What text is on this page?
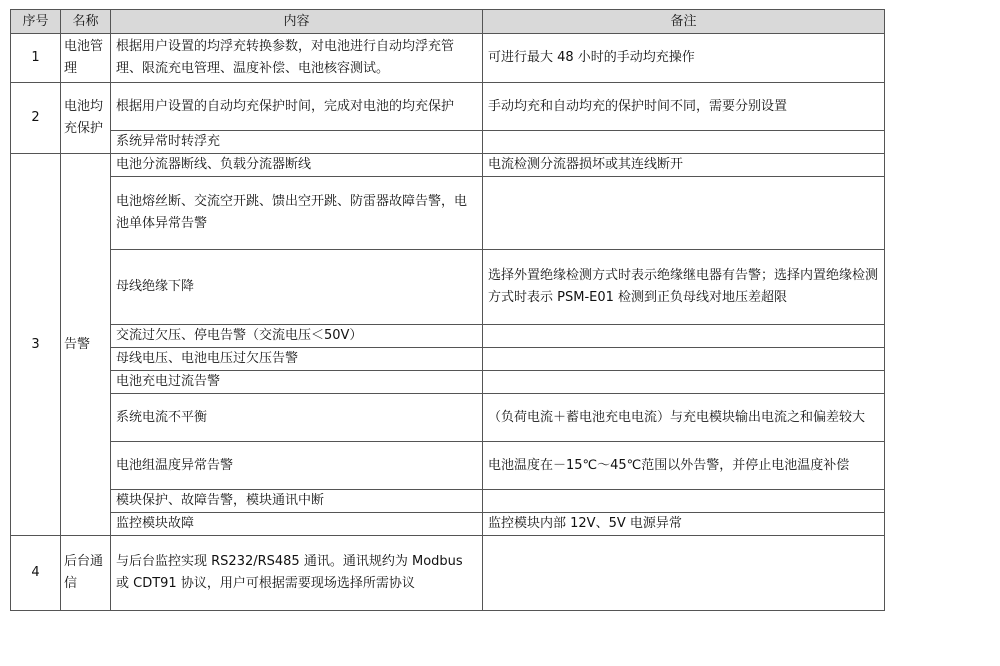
序号	名称	内容	备注
1	电池管理	根据用户设置的均浮充转换参数，对电池进行自动均浮充管理、限流充电管理、温度补偿、电池核容测试。	可进行最大 48 小时的手动均充操作
2	电池均充保护	根据用户设置的自动均充保护时间，完成对电池的均充保护	手动均充和自动均充的保护时间不同，需要分别设置
		系统异常时转浮充	
3	告警	电池分流器断线、负载分流器断线	电流检测分流器损坏或其连线断开
		电池熔丝断、交流空开跳、馈出空开跳、防雷器故障告警，电池单体异常告警	
		母线绝缘下降	选择外置绝缘检测方式时表示绝缘继电器有告警；选择内置绝缘检测方式时表示 PSM-E01 检测到正负母线对地压差超限
		交流过欠压、停电告警（交流电压＜50V）	
		母线电压、电池电压过欠压告警	
		电池充电过流告警	
		系统电流不平衡	（负荷电流＋蓄电池充电电流）与充电模块输出电流之和偏差较大
		电池组温度异常告警	电池温度在－15℃～45℃范围以外告警，并停止电池温度补偿
		模块保护、故障告警，模块通讯中断	
		监控模块故障	监控模块内部 12V、5V 电源异常
4	后台通信	与后台监控实现 RS232/RS485 通讯。通讯规约为 Modbus 或 CDT91 协议，用户可根据需要现场选择所需协议	
